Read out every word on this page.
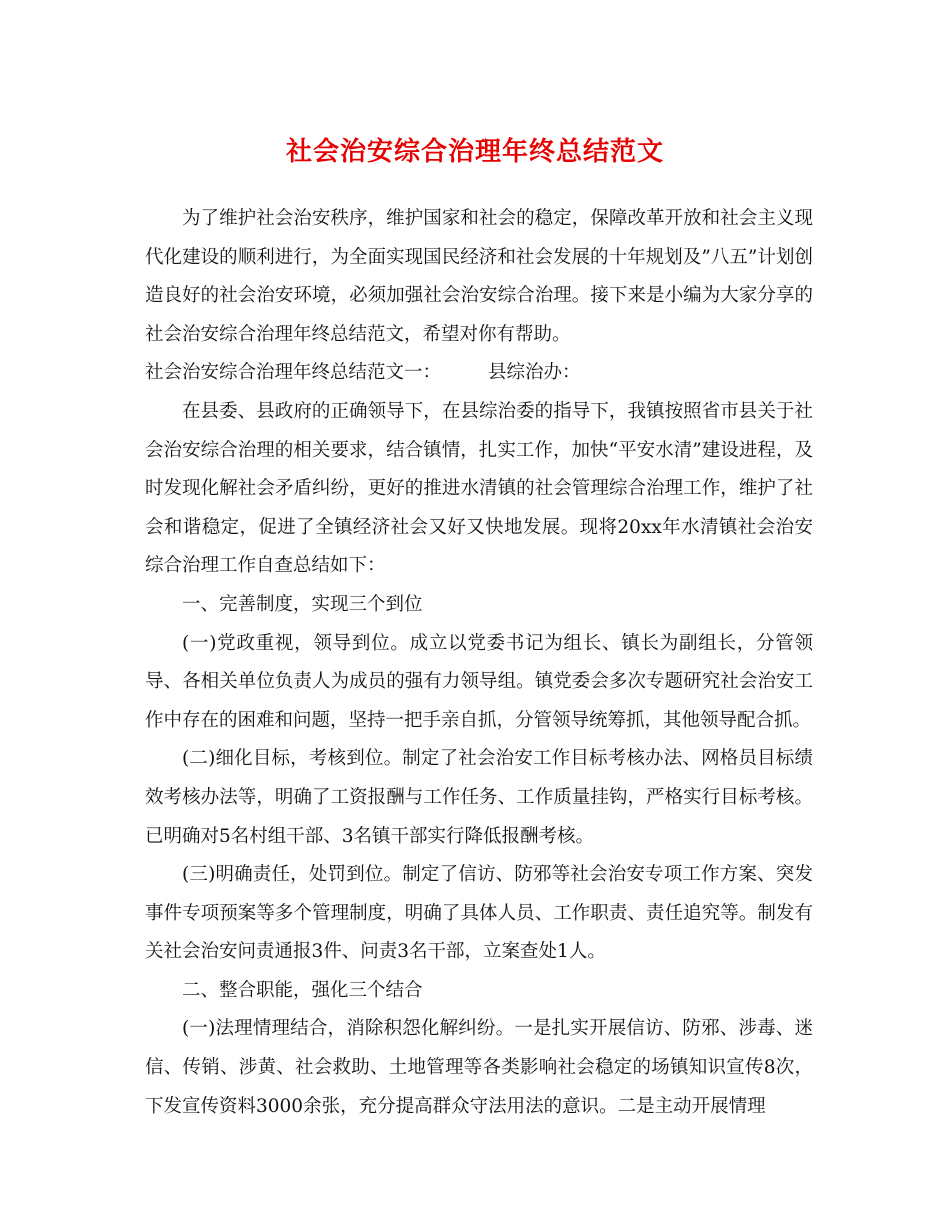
社会治安综合治理年终总结范文

为了维护社会治安秩序，维护国家和社会的稳定，保障改革开放和社会主义现代化建设的顺利进行，为全面实现国民经济和社会发展的十年规划及”八五”计划创造良好的社会治安环境，必须加强社会治安综合治理。接下来是小编为大家分享的社会治安综合治理年终总结范文，希望对你有帮助。

社会治安综合治理年终总结范文一：        县综治办：

在县委、县政府的正确领导下，在县综治委的指导下，我镇按照省市县关于社会治安综合治理的相关要求，结合镇情，扎实工作，加快“平安水清”建设进程，及时发现化解社会矛盾纠纷，更好的推进水清镇的社会管理综合治理工作，维护了社会和谐稳定，促进了全镇经济社会又好又快地发展。现将20xx年水清镇社会治安综合治理工作自查总结如下：

一、完善制度，实现三个到位

(一)党政重视，领导到位。成立以党委书记为组长、镇长为副组长，分管领导、各相关单位负责人为成员的强有力领导组。镇党委会多次专题研究社会治安工作中存在的困难和问题，坚持一把手亲自抓，分管领导统筹抓，其他领导配合抓。

(二)细化目标，考核到位。制定了社会治安工作目标考核办法、网格员目标绩效考核办法等，明确了工资报酬与工作任务、工作质量挂钩，严格实行目标考核。已明确对5名村组干部、3名镇干部实行降低报酬考核。

(三)明确责任，处罚到位。制定了信访、防邪等社会治安专项工作方案、突发事件专项预案等多个管理制度，明确了具体人员、工作职责、责任追究等。制发有关社会治安问责通报3件、问责3名干部，立案查处1人。

二、整合职能，强化三个结合

(一)法理情理结合，消除积怨化解纠纷。一是扎实开展信访、防邪、涉毒、迷信、传销、涉黄、社会救助、土地管理等各类影响社会稳定的场镇知识宣传8次，下发宣传资料3000余张，充分提高群众守法用法的意识。二是主动开展情理
